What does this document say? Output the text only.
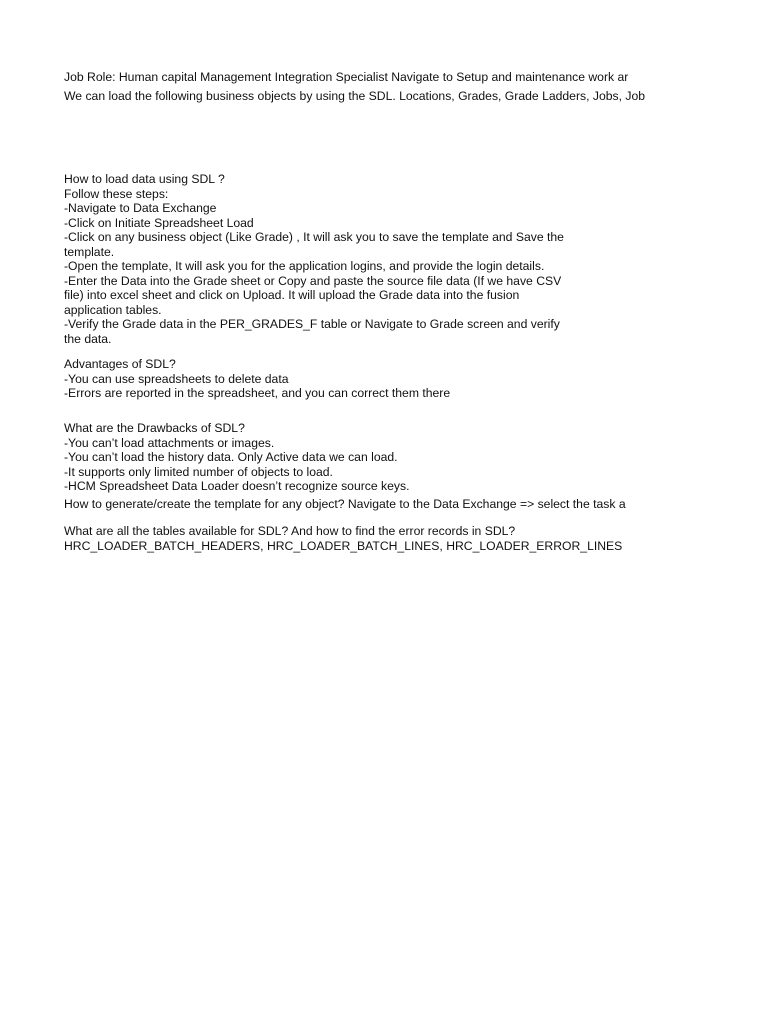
Job Role: Human capital Management Integration Specialist Navigate to Setup and maintenance work ar
We can load the following business objects by using the SDL. Locations, Grades, Grade Ladders, Jobs, Job
How to load data using SDL ?
Follow these steps:
-Navigate to Data Exchange
-Click on Initiate Spreadsheet Load
-Click on any business object (Like Grade) , It will ask you to save the template and Save the
template.
-Open the template, It will ask you for the application logins, and provide the login details.
-Enter the Data into the Grade sheet or Copy and paste the source file data (If we have CSV
file) into excel sheet and click on Upload. It will upload the Grade data into the fusion
application tables.
-Verify the Grade data in the PER_GRADES_F table or Navigate to Grade screen and verify
the data.
Advantages of SDL?
-You can use spreadsheets to delete data
-Errors are reported in the spreadsheet, and you can correct them there
What are the Drawbacks of SDL?
-You can’t load attachments or images.
-You can’t load the history data. Only Active data we can load.
-It supports only limited number of objects to load.
-HCM Spreadsheet Data Loader doesn’t recognize source keys.
How to generate/create the template for any object? Navigate to the Data Exchange => select the task a
What are all the tables available for SDL? And how to find the error records in SDL?
HRC_LOADER_BATCH_HEADERS, HRC_LOADER_BATCH_LINES, HRC_LOADER_ERROR_LINES
